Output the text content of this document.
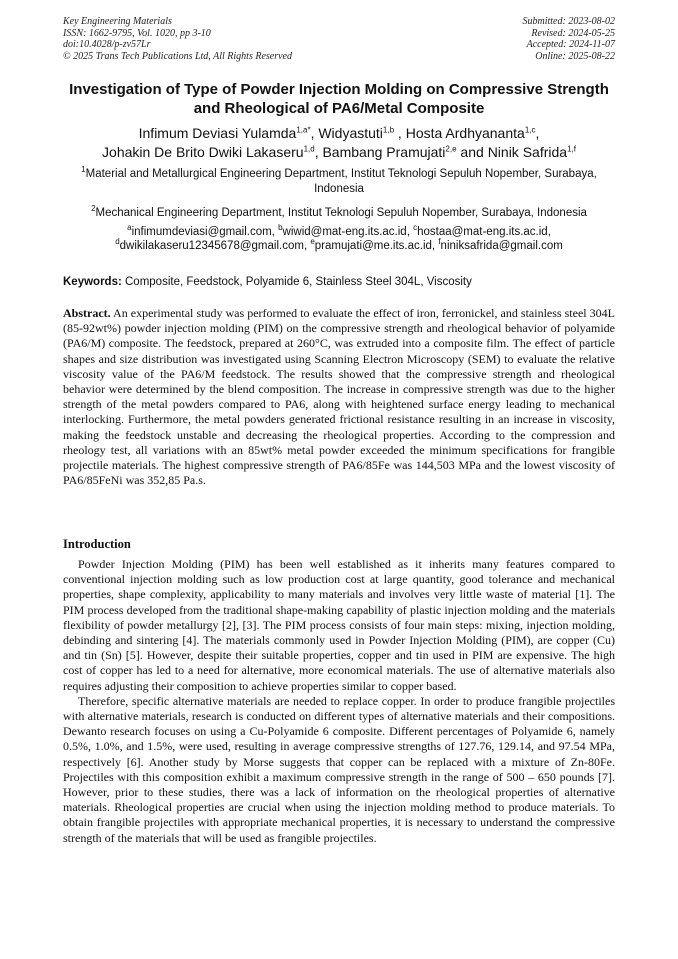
Key Engineering Materials
ISSN: 1662-9795, Vol. 1020, pp 3-10
doi:10.4028/p-zv57Lr
© 2025 Trans Tech Publications Ltd, All Rights Reserved
Submitted: 2023-08-02
Revised: 2024-05-25
Accepted: 2024-11-07
Online: 2025-08-22
Investigation of Type of Powder Injection Molding on Compressive Strength and Rheological of PA6/Metal Composite
Infimum Deviasi Yulamda$^{1,a*}$, Widyastuti$^{1,b}$ , Hosta Ardhyananta$^{1,c}$,
Johakin De Brito Dwiki Lakaseru$^{1,d}$, Bambang Pramujati$^{2,e}$ and Ninik Safrida$^{1,f}$
$^1$Material and Metallurgical Engineering Department, Institut Teknologi Sepuluh Nopember, Surabaya, Indonesia
$^2$Mechanical Engineering Department, Institut Teknologi Sepuluh Nopember, Surabaya, Indonesia
$^a$infimumdeviasi@gmail.com, $^b$wiwid@mat-eng.its.ac.id, $^c$hostaa@mat-eng.its.ac.id,
$^d$dwikilakaseru12345678@gmail.com, $^e$pramujati@me.its.ac.id, $^f$niniksafrida@gmail.com
Keywords: Composite, Feedstock, Polyamide 6, Stainless Steel 304L, Viscosity
Abstract. An experimental study was performed to evaluate the effect of iron, ferronickel, and stainless steel 304L (85-92wt%) powder injection molding (PIM) on the compressive strength and rheological behavior of polyamide (PA6/M) composite. The feedstock, prepared at 260°C, was extruded into a composite film. The effect of particle shapes and size distribution was investigated using Scanning Electron Microscopy (SEM) to evaluate the relative viscosity value of the PA6/M feedstock. The results showed that the compressive strength and rheological behavior were determined by the blend composition. The increase in compressive strength was due to the higher strength of the metal powders compared to PA6, along with heightened surface energy leading to mechanical interlocking. Furthermore, the metal powders generated frictional resistance resulting in an increase in viscosity, making the feedstock unstable and decreasing the rheological properties. According to the compression and rheology test, all variations with an 85wt% metal powder exceeded the minimum specifications for frangible projectile materials. The highest compressive strength of PA6/85Fe was 144,503 MPa and the lowest viscosity of PA6/85FeNi was 352,85 Pa.s.
Introduction

Powder Injection Molding (PIM) has been well established as it inherits many features compared to conventional injection molding such as low production cost at large quantity, good tolerance and mechanical properties, shape complexity, applicability to many materials and involves very little waste of material [1]. The PIM process developed from the traditional shape-making capability of plastic injection molding and the materials flexibility of powder metallurgy [2], [3]. The PIM process consists of four main steps: mixing, injection molding, debinding and sintering [4]. The materials commonly used in Powder Injection Molding (PIM), are copper (Cu) and tin (Sn) [5]. However, despite their suitable properties, copper and tin used in PIM are expensive. The high cost of copper has led to a need for alternative, more economical materials. The use of alternative materials also requires adjusting their composition to achieve properties similar to copper based.

Therefore, specific alternative materials are needed to replace copper. In order to produce frangible projectiles with alternative materials, research is conducted on different types of alternative materials and their compositions. Dewanto research focuses on using a Cu-Polyamide 6 composite. Different percentages of Polyamide 6, namely 0.5%, 1.0%, and 1.5%, were used, resulting in average compressive strengths of 127.76, 129.14, and 97.54 MPa, respectively [6]. Another study by Morse suggests that copper can be replaced with a mixture of Zn-80Fe. Projectiles with this composition exhibit a maximum compressive strength in the range of 500 – 650 pounds [7]. However, prior to these studies, there was a lack of information on the rheological properties of alternative materials. Rheological properties are crucial when using the injection molding method to produce materials. To obtain frangible projectiles with appropriate mechanical properties, it is necessary to understand the compressive strength of the materials that will be used as frangible projectiles.
